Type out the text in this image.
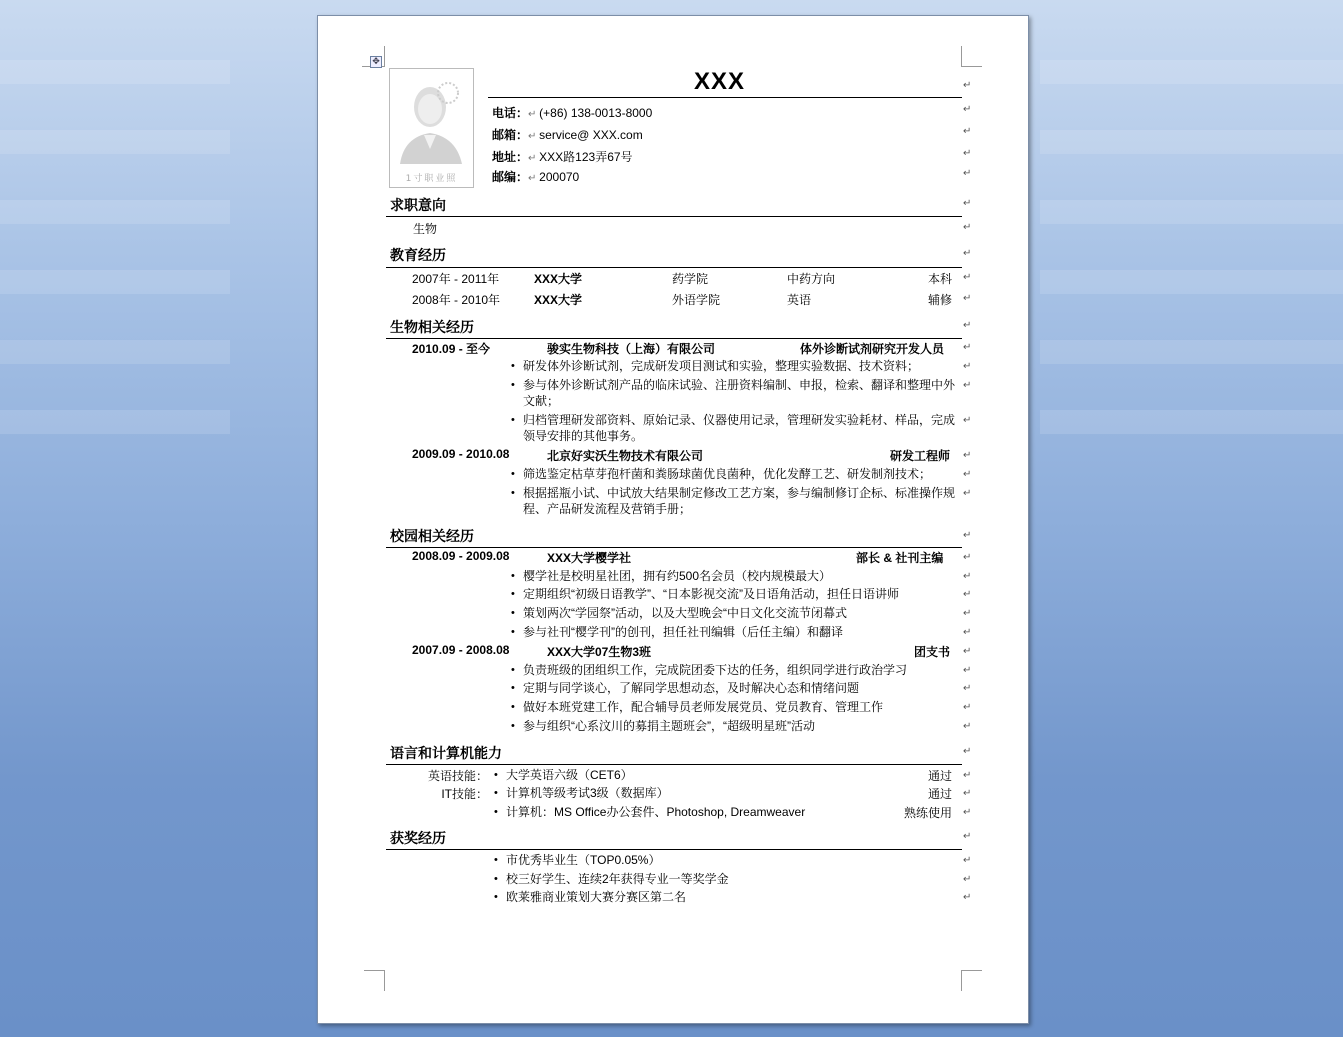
✥
1寸职业照
XXX	↵
电话：↵ (+86) 138-0013-8000
邮箱：↵ service@ XXX.com
地址：↵ XXX路123弄67号
邮编：↵ 200070
求职意向
生物
教育经历
2007年 - 2011年	XXX大学	药学院	中药方向	本科
2008年 - 2010年	XXX大学	外语学院	英语	辅修
生物相关经历
2010.09 - 至今	骏实生物科技（上海）有限公司	体外诊断试剂研究开发人员
• 研发体外诊断试剂，完成研发项目测试和实验，整理实验数据、技术资料；
• 参与体外诊断试剂产品的临床试验、注册资料编制、申报，检索、翻译和整理中外文献；
• 归档管理研发部资料、原始记录、仪器使用记录，管理研发实验耗材、样品，完成领导安排的其他事务。
2009.09 - 2010.08	北京好实沃生物技术有限公司	研发工程师
• 筛选鉴定枯草芽孢杆菌和粪肠球菌优良菌种，优化发酵工艺、研发制剂技术；
• 根据摇瓶小试、中试放大结果制定修改工艺方案，参与编制修订企标、标准操作规程、产品研发流程及营销手册；
校园相关经历
2008.09 - 2009.08	XXX大学樱学社	部长 & 社刊主编
• 樱学社是校明星社团，拥有约500名会员（校内规模最大）
• 定期组织“初级日语教学”、“日本影视交流”及日语角活动，担任日语讲师
• 策划两次“学园祭”活动，以及大型晚会“中日文化交流节闭幕式
• 参与社刊“樱学刊”的创刊，担任社刊编辑（后任主编）和翻译
2007.09 - 2008.08	XXX大学07生物3班	团支书
• 负责班级的团组织工作，完成院团委下达的任务，组织同学进行政治学习
• 定期与同学谈心，了解同学思想动态，及时解决心态和情绪问题
• 做好本班党建工作，配合辅导员老师发展党员、党员教育、管理工作
• 参与组织“心系汶川的募捐主题班会”，“超级明星班”活动
语言和计算机能力
英语技能： • 大学英语六级（CET6）	通过
IT技能： • 计算机等级考试3级（数据库）	通过
• 计算机：MS Office办公套件、Photoshop, Dreamweaver	熟练使用
获奖经历
• 市优秀毕业生（TOP0.05%）
• 校三好学生、连续2年获得专业一等奖学金
• 欧莱雅商业策划大赛分赛区第二名
↵
↵
↵
↵
↵
↵
↵
↵
↵
↵
↵
↵
↵
↵
↵
↵
↵
↵
↵
↵
↵
↵
↵
↵
↵
↵
↵
↵
↵
↵
↵
↵
↵
↵
↵
↵
